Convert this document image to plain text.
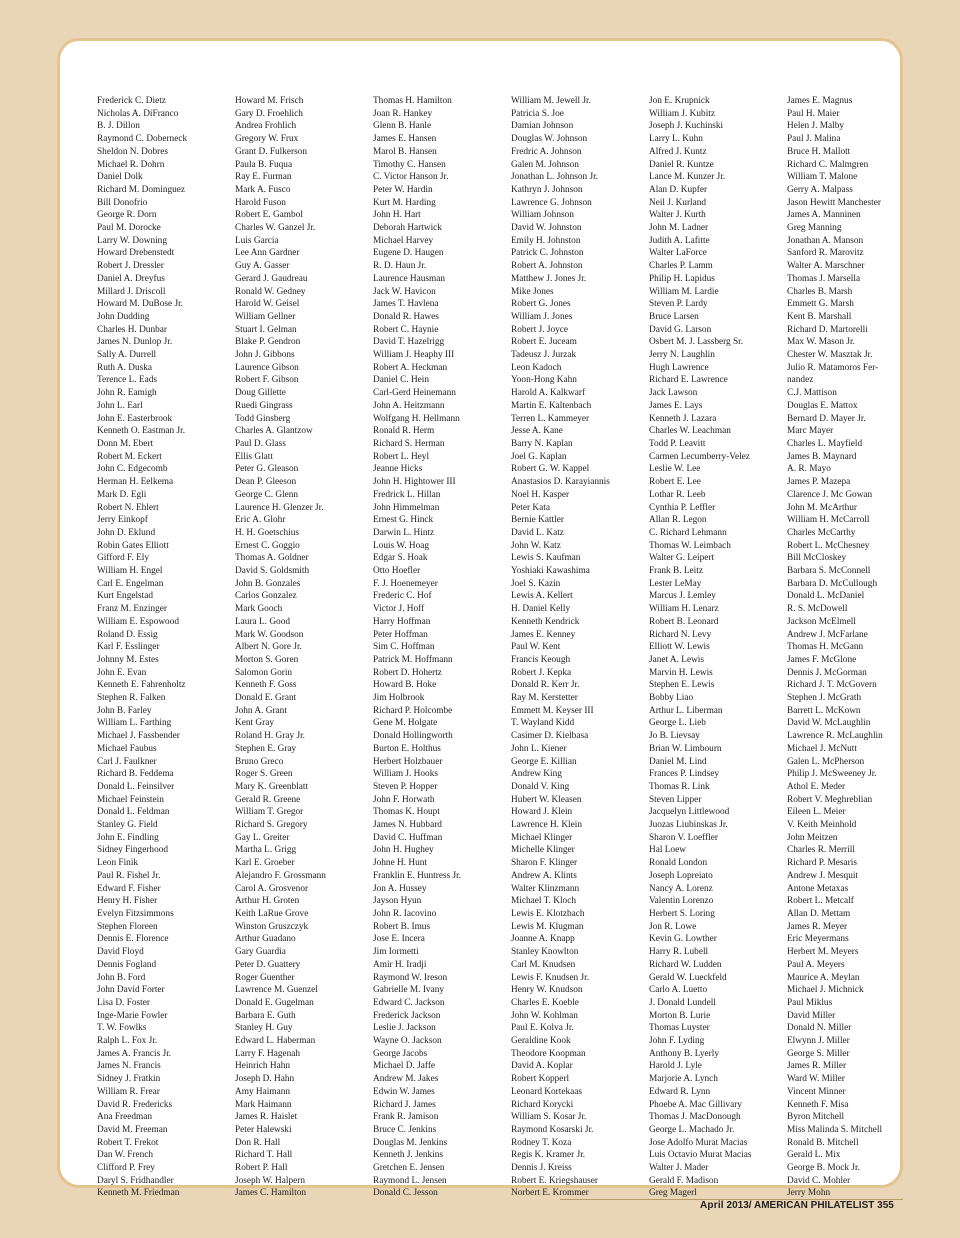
Frederick C. Dietz
Nicholas A. DiFranco
B. J. Dillon
Raymond C. Doberneck
Sheldon N. Dobres
Michael R. Dohrn
Daniel Dolk
Richard M. Dominguez
Bill Donofrio
George R. Dorn
Paul M. Dorocke
Larry W. Downing
Howard Drebenstedt
Robert J. Dressler
Daniel A. Dreyfus
Millard J. Driscoll
Howard M. DuBose Jr.
John Dudding
Charles H. Dunbar
James N. Dunlop Jr.
Sally A. Durrell
Ruth A. Duska
Terence L. Eads
John R. Eamigh
John L. Earl
John E. Easterbrook
Kenneth O. Eastman Jr.
Donn M. Ebert
Robert M. Eckert
John C. Edgecomb
Herman H. Eelkema
Mark D. Egli
Robert N. Ehlert
Jerry Einkopf
John D. Eklund
Robin Gates Elliott
Gifford F. Ely
William H. Engel
Carl E. Engelman
Kurt Engelstad
Franz M. Enzinger
William E. Espowood
Roland D. Essig
Karl F. Esslinger
Johnny M. Estes
John E. Evan
Kenneth E. Fahrenholtz
Stephen R. Falken
John B. Farley
William L. Farthing
Michael J. Fassbender
Michael Faubus
Carl J. Faulkner
Richard B. Feddema
Donald L. Feinsilver
Michael Feinstein
Donald L. Feldman
Stanley G. Field
John E. Findling
Sidney Fingerhood
Leon Finik
Paul R. Fishel Jr.
Edward F. Fisher
Henry H. Fisher
Evelyn Fitzsimmons
Stephen Floreen
Dennis E. Florence
David Floyd
Dennis Fogland
John B. Ford
John David Forter
Lisa D. Foster
Inge-Marie Fowler
T. W. Fowlks
Ralph L. Fox Jr.
James A. Francis Jr.
James N. Francis
Sidney J. Fratkin
William R. Frear
David R. Fredericks
Ana Freedman
David M. Freeman
Robert T. Frekot
Dan W. French
Clifford P. Frey
Daryl S. Fridhandler
Kenneth M. Friedman
Howard M. Frisch
Gary D. Froehlich
Andrea Frohlich
Gregory W. Frux
Grant D. Fulkerson
Paula B. Fuqua
Ray E. Furman
Mark A. Fusco
Harold Fuson
Robert E. Gambol
Charles W. Ganzel Jr.
Luis Garcia
Lee Ann Gardner
Guy A. Gasser
Gerard J. Gaudreau
Ronald W. Gedney
Harold W. Geisel
William Gellner
Stuart I. Gelman
Blake P. Gendron
John J. Gibbons
Laurence Gibson
Robert F. Gibson
Doug Gillette
Ruedi Gingrass
Todd Ginsberg
Charles A. Glantzow
Paul D. Glass
Ellis Glatt
Peter G. Gleason
Dean P. Gleeson
George C. Glenn
Laurence H. Glenzer Jr.
Eric A. Glohr
H. H. Goetschius
Ernest C. Goggio
Thomas A. Goldner
David S. Goldsmith
John B. Gonzales
Carlos Gonzalez
Mark Gooch
Laura L. Good
Mark W. Goodson
Albert N. Gore Jr.
Morton S. Goren
Salomon Gorin
Kenneth F. Goss
Donald E. Grant
John A. Grant
Kent Gray
Roland H. Gray Jr.
Stephen E. Gray
Bruno Greco
Roger S. Green
Mary K. Greenblatt
Gerald R. Greene
William T. Gregor
Richard S. Gregory
Gay L. Greiter
Martha L. Grigg
Karl E. Groeber
Alejandro F. Grossmann
Carol A. Grosvenor
Arthur H. Groten
Keith LaRue Grove
Winston Gruszczyk
Arthur Guadano
Gary Guardia
Peter D. Guattery
Roger Guenther
Lawrence M. Guenzel
Donald E. Gugelman
Barbara E. Guth
Stanley H. Guy
Edward L. Haberman
Larry F. Hagenah
Heinrich Hahn
Joseph D. Hahn
Amy Haimann
Mark Haimann
James R. Haislet
Peter Halewski
Don R. Hall
Richard T. Hall
Robert P. Hall
Joseph W. Halpern
James C. Hamilton
Thomas H. Hamilton
Joan R. Hankey
Glenn B. Hanle
James E. Hansen
Marol B. Hansen
Timothy C. Hansen
C. Victor Hanson Jr.
Peter W. Hardin
Kurt M. Harding
John H. Hart
Deborah Hartwick
Michael Harvey
Eugene D. Haugen
R. D. Haun Jr.
Laurence Hausman
Jack W. Havicon
James T. Havlena
Donald R. Hawes
Robert C. Haynie
David T. Hazelrigg
William J. Heaphy III
Robert A. Heckman
Daniel C. Hein
Carl-Gerd Heinemann
John A. Heitzmann
Wolfgang H. Hellmann
Ronald R. Herm
Richard S. Herman
Robert L. Heyl
Jeanne Hicks
John H. Hightower III
Fredrick L. Hillan
John Himmelman
Ernest G. Hinck
Darwin L. Hintz
Louis W. Hoag
Edgar S. Hoak
Otto Hoefler
F. J. Hoenemeyer
Frederic C. Hof
Victor J. Hoff
Harry Hoffman
Peter Hoffman
Sim C. Hoffman
Patrick M. Hoffmann
Robert D. Hohertz
Howard B. Hoke
Jim Holbrook
Richard P. Holcombe
Gene M. Holgate
Donald Hollingworth
Burton E. Holthus
Herbert Holzbauer
William J. Hooks
Steven P. Hopper
John F. Horwath
Thomas K. Houpt
James N. Hubbard
David C. Huffman
John H. Hughey
Johne H. Hunt
Franklin E. Huntress Jr.
Jon A. Hussey
Jayson Hyun
John R. Iacovino
Robert B. Imus
Jose E. Incera
Jim Iormetti
Amir H. Iradji
Raymond W. Ireson
Gabrielle M. Ivany
Edward C. Jackson
Frederick Jackson
Leslie J. Jackson
Wayne O. Jackson
George Jacobs
Michael D. Jaffe
Andrew M. Jakes
Edwin W. James
Richard J. James
Frank R. Jamison
Bruce C. Jenkins
Douglas M. Jenkins
Kenneth J. Jenkins
Gretchen E. Jensen
Raymond L. Jensen
Donald C. Jesson
William M. Jewell Jr.
Patricia S. Joe
Damian Johnson
Douglas W. Johnson
Fredric A. Johnson
Galen M. Johnson
Jonathan L. Johnson Jr.
Kathryn J. Johnson
Lawrence G. Johnson
William Johnson
David W. Johnston
Emily H. Johnston
Patrick C. Johnston
Robert A. Johnston
Matthew J. Jones Jr.
Mike Jones
Robert G. Jones
William J. Jones
Robert J. Joyce
Robert E. Juceam
Tadeusz J. Jurzak
Leon Kadoch
Yoon-Hong Kahn
Harold A. Kalkwarf
Martin E. Kaltenbach
Terren L. Kammeyer
Jesse A. Kane
Barry N. Kaplan
Joel G. Kaplan
Robert G. W. Kappel
Anastasios D. Karayiannis
Noel H. Kasper
Peter Kata
Bernie Kattler
David L. Katz
John W. Katz
Lewis S. Kaufman
Yoshiaki Kawashima
Joel S. Kazin
Lewis A. Kellert
H. Daniel Kelly
Kenneth Kendrick
James E. Kenney
Paul W. Kent
Francis Keough
Robert J. Kepka
Donald R. Kerr Jr.
Ray M. Kerstetter
Emmett M. Keyser III
T. Wayland Kidd
Casimer D. Kielbasa
John L. Kiener
George E. Killian
Andrew King
Donald V. King
Hubert W. Kleasen
Howard J. Klein
Lawrence H. Klein
Michael Klinger
Michelle Klinger
Sharon F. Klinger
Andrew A. Klints
Walter Klinzmann
Michael T. Kloch
Lewis E. Klotzbach
Lewis M. Klugman
Joanne A. Knapp
Stanley Knowlton
Carl M. Knudsen
Lewis F. Knudsen Jr.
Henry W. Knudson
Charles E. Koeble
John W. Kohlman
Paul E. Kolva Jr.
Geraldine Kook
Theodore Koopman
David A. Koplar
Robert Kopperl
Leonard Kortekaas
Richard Korycki
William S. Kosar Jr.
Raymond Kosarski Jr.
Rodney T. Koza
Regis K. Kramer Jr.
Dennis J. Kreiss
Robert E. Kriegshauser
Norbert E. Krommer
Jon E. Krupnick
William J. Kubitz
Joseph J. Kuchinski
Larry L. Kuhn
Alfred J. Kuntz
Daniel R. Kuntze
Lance M. Kunzer Jr.
Alan D. Kupfer
Neil J. Kurland
Walter J. Kurth
John M. Ladner
Judith A. Lafitte
Walter LaForce
Charles P. Lamm
Philip H. Lapidus
William M. Lardie
Steven P. Lardy
Bruce Larsen
David G. Larson
Osbert M. J. Lassberg Sr.
Jerry N. Laughlin
Hugh Lawrence
Richard E. Lawrence
Jack Lawson
James E. Lays
Kenneth J. Lazara
Charles W. Leachman
Todd P. Leavitt
Carmen Lecumberry-Velez
Leslie W. Lee
Robert E. Lee
Lothar R. Leeb
Cynthia P. Leffler
Allan R. Legon
C. Richard Lehmann
Thomas W. Leimbach
Walter G. Leipert
Frank B. Leitz
Lester LeMay
Marcus J. Lemley
William H. Lenarz
Robert B. Leonard
Richard N. Levy
Elliott W. Lewis
Janet A. Lewis
Marvin H. Lewis
Stephen E. Lewis
Bobby Liao
Arthur L. Liberman
George L. Lieb
Jo B. Lievsay
Brian W. Limbourn
Daniel M. Lind
Frances P. Lindsey
Thomas R. Link
Steven Lipper
Jacquelyn Littlewood
Juozas Liubinskas Jr.
Sharon V. Loeffler
Hal Loew
Ronald London
Joseph Lopreiato
Nancy A. Lorenz
Valentin Lorenzo
Herbert S. Loring
Jon R. Lowe
Kevin G. Lowther
Harry R. Lubell
Richard W. Ludden
Gerald W. Lueckfeld
Carlo A. Luetto
J. Donald Lundell
Morton B. Lurie
Thomas Luyster
John F. Lyding
Anthony B. Lyerly
Harold J. Lyle
Marjorie A. Lynch
Edward R. Lynn
Phoebe A. Mac Gillivary
Thomas J. MacDonough
George L. Machado Jr.
Jose Adolfo Murat Macias
Luis Octavio Murat Macias
Walter J. Mader
Gerald F. Madison
Greg Magerl
James E. Magnus
Paul H. Maier
Helen J. Malby
Paul J. Malina
Bruce H. Mallott
Richard C. Malmgren
William T. Malone
Gerry A. Malpass
Jason Hewitt Manchester
James A. Manninen
Greg Manning
Jonathan A. Manson
Sanford R. Marovitz
Walter A. Marschner
Thomas J. Marsella
Charles B. Marsh
Emmett G. Marsh
Kent B. Marshall
Richard D. Martorelli
Max W. Mason Jr.
Chester W. Masztak Jr.
Julio R. Matamoros Fer-
nandez
C.J. Mattison
Douglas E. Mattox
Bernard D. Mayer Jr.
Marc Mayer
Charles L. Mayfield
James B. Maynard
A. R. Mayo
James P. Mazepa
Clarence J. Mc Gowan
John M. McArthur
William H. McCarroll
Charles McCarthy
Robert L. McChesney
Bill McCloskey
Barbara S. McConnell
Barbara D. McCullough
Donald L. McDaniel
R. S. McDowell
Jackson McElmell
Andrew J. McFarlane
Thomas H. McGann
James F. McGlone
Dennis J. McGorman
Richard J. T. McGovern
Stephen J. McGrath
Barrett L. McKown
David W. McLaughlin
Lawrence R. McLaughlin
Michael J. McNutt
Galen L. McPherson
Philip J. McSweeney Jr.
Athol E. Meder
Robert V. Meghreblian
Eileen L. Meier
V. Keith Meinhold
John Meitzen
Charles R. Merrill
Richard P. Mesaris
Andrew J. Mesquit
Antone Metaxas
Robert L. Metcalf
Allan D. Mettam
James R. Meyer
Eric Meyermans
Herbert M. Meyers
Paul A. Meyers
Maurice A. Meylan
Michael J. Michnick
Paul Miklus
David Miller
Donald N. Miller
Elwynn J. Miller
George S. Miller
James R. Miller
Ward W. Miller
Vincent Minner
Kenneth F. Misa
Byron Mitchell
Miss Malinda S. Mitchell
Ronald B. Mitchell
Gerald L. Mix
George B. Mock Jr.
David C. Mohler
Jerry Mohn
April 2013/ AMERICAN PHILATELIST 355
